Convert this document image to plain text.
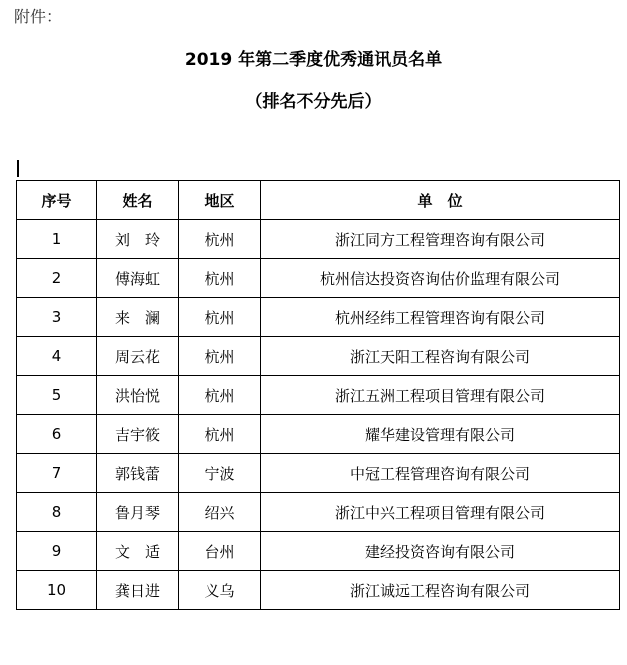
附件：
2019 年第二季度优秀通讯员名单
（排名不分先后）
序号	姓名	地区	单　位
1	刘　玲	杭州	浙江同方工程管理咨询有限公司
2	傅海虹	杭州	杭州信达投资咨询估价监理有限公司
3	来　澜	杭州	杭州经纬工程管理咨询有限公司
4	周云花	杭州	浙江天阳工程咨询有限公司
5	洪怡悦	杭州	浙江五洲工程项目管理有限公司
6	吉宇筱	杭州	耀华建设管理有限公司
7	郭钱蕾	宁波	中冠工程管理咨询有限公司
8	鲁月琴	绍兴	浙江中兴工程项目管理有限公司
9	文　适	台州	建经投资咨询有限公司
10	龚日进	义乌	浙江诚远工程咨询有限公司
